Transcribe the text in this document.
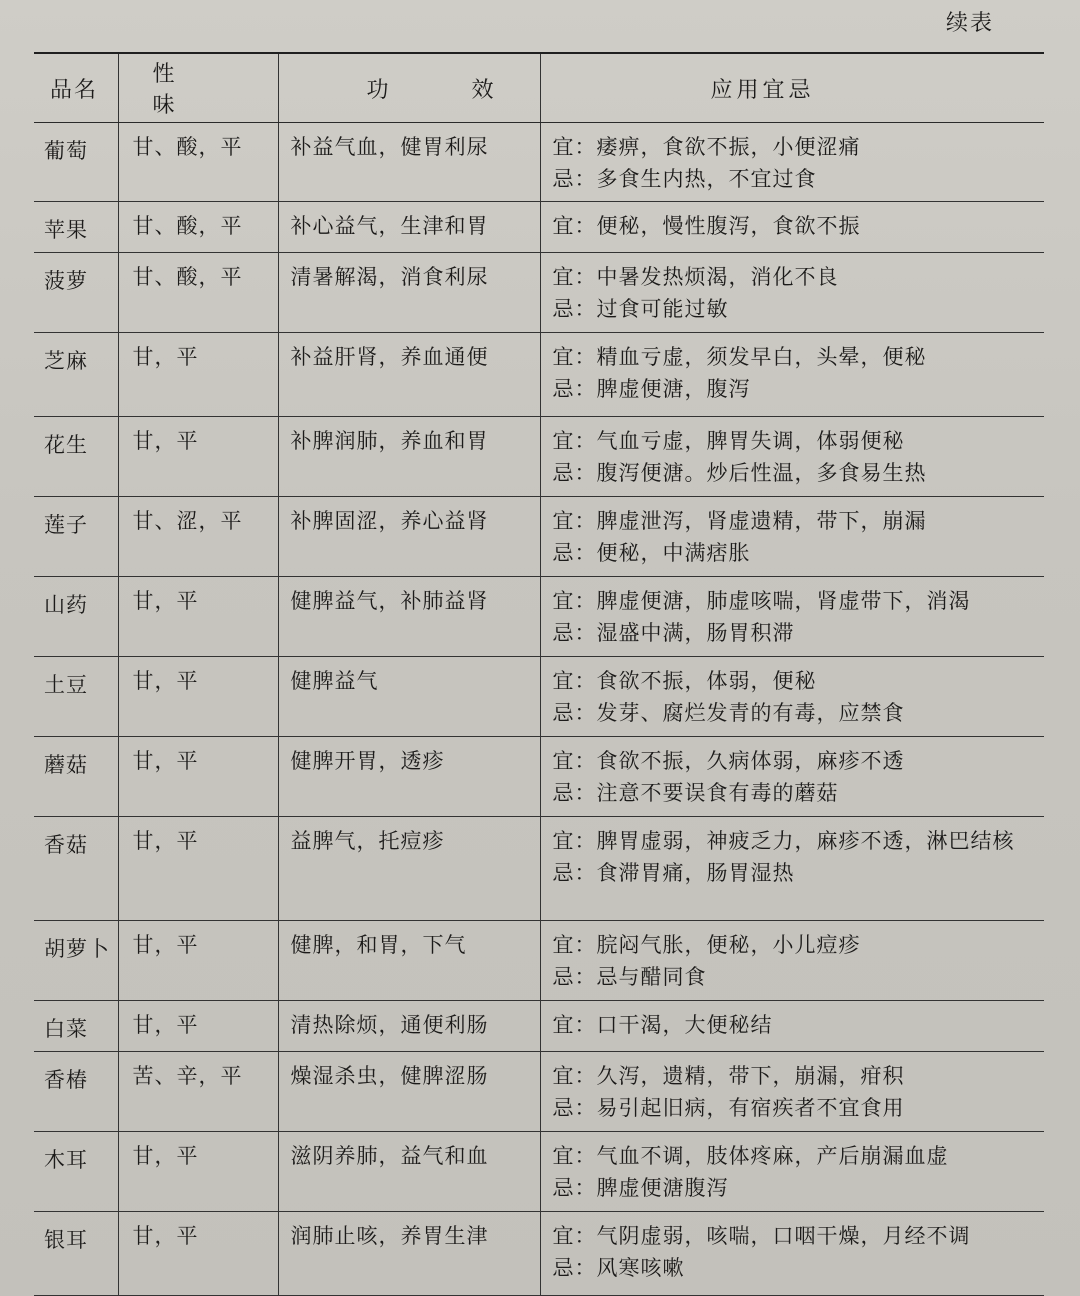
续表
品名	性 味	功 效	应用宜忌
葡萄	甘、酸，平	补益气血，健胃利尿	宜：痿痹，食欲不振，小便涩痛
忌：多食生内热，不宜过食

苹果	甘、酸，平	补心益气，生津和胃	宜：便秘，慢性腹泻，食欲不振

菠萝	甘、酸，平	清暑解渴，消食利尿	宜：中暑发热烦渴，消化不良
忌：过食可能过敏

芝麻	甘，平	补益肝肾，养血通便	宜：精血亏虚，须发早白，头晕，便秘
忌：脾虚便溏，腹泻

花生	甘，平	补脾润肺，养血和胃	宜：气血亏虚，脾胃失调，体弱便秘
忌：腹泻便溏。炒后性温，多食易生热

莲子	甘、涩，平	补脾固涩，养心益肾	宜：脾虚泄泻，肾虚遗精，带下，崩漏
忌：便秘，中满痞胀

山药	甘，平	健脾益气，补肺益肾	宜：脾虚便溏，肺虚咳喘，肾虚带下，消渴
忌：湿盛中满，肠胃积滞

土豆	甘，平	健脾益气	宜：食欲不振，体弱，便秘
忌：发芽、腐烂发青的有毒，应禁食

蘑菇	甘，平	健脾开胃，透疹	宜：食欲不振，久病体弱，麻疹不透
忌：注意不要误食有毒的蘑菇

香菇	甘，平	益脾气，托痘疹	宜：脾胃虚弱，神疲乏力，麻疹不透，淋巴结核
忌：食滞胃痛，肠胃湿热

胡萝卜	甘，平	健脾，和胃，下气	宜：脘闷气胀，便秘，小儿痘疹
忌：忌与醋同食

白菜	甘，平	清热除烦，通便利肠	宜：口干渴，大便秘结

香椿	苦、辛，平	燥湿杀虫，健脾涩肠	宜：久泻，遗精，带下，崩漏，疳积
忌：易引起旧病，有宿疾者不宜食用

木耳	甘，平	滋阴养肺，益气和血	宜：气血不调，肢体疼麻，产后崩漏血虚
忌：脾虚便溏腹泻

银耳	甘，平	润肺止咳，养胃生津	宜：气阴虚弱，咳喘，口咽干燥，月经不调
忌：风寒咳嗽
